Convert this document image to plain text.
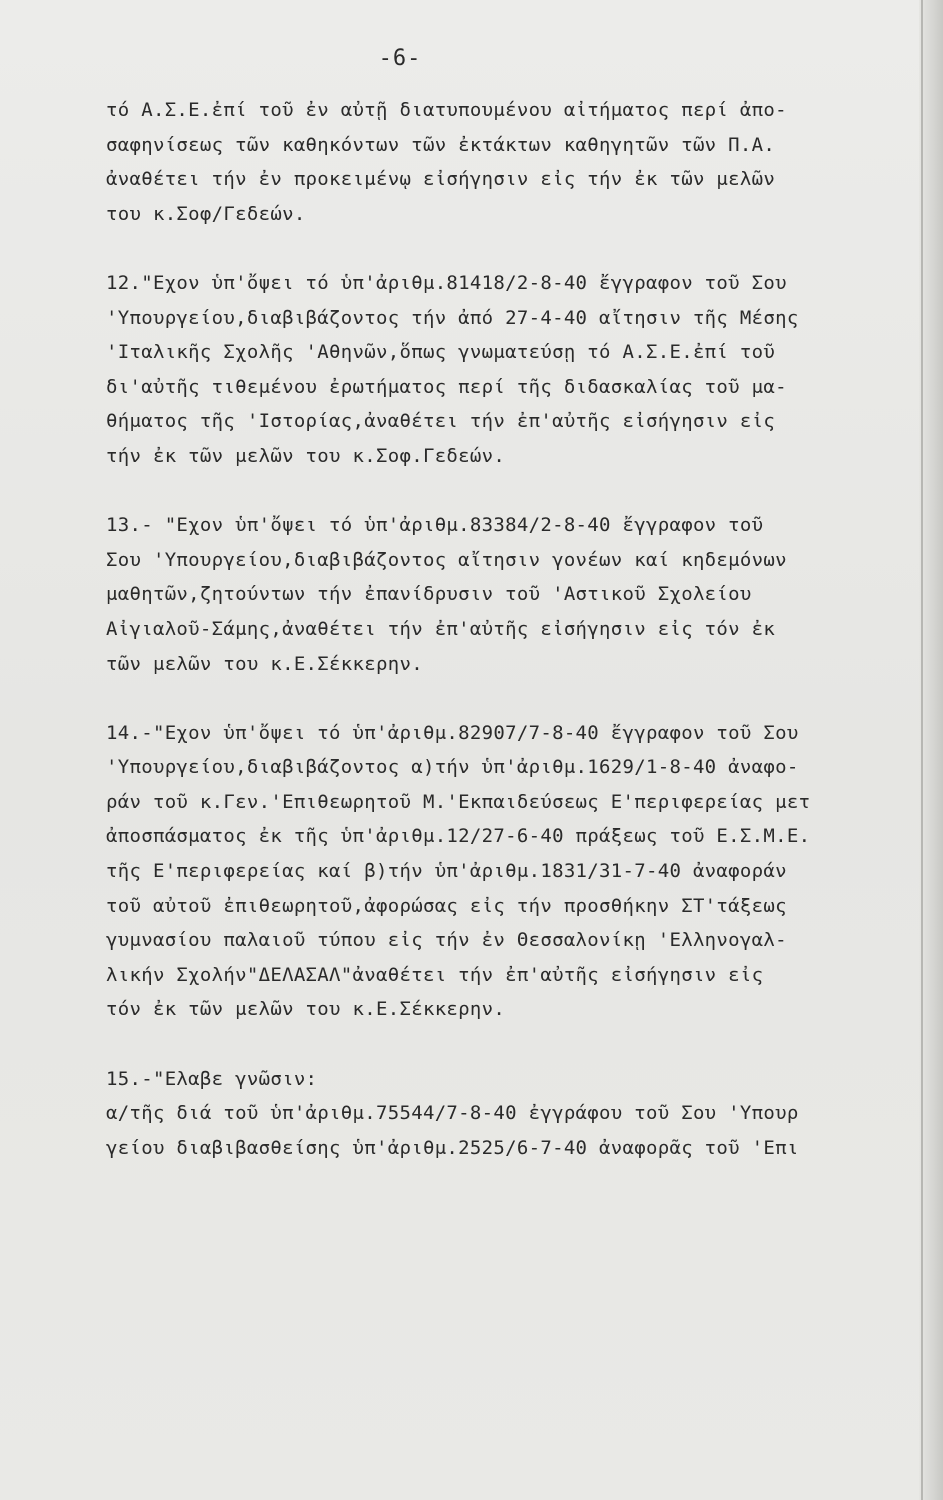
-6-
τό Α.Σ.Ε.ἐπί τοῦ ἐν αὐτῇ διατυπουμένου αἰτήματος περί ἀπο-
σαφηνίσεως τῶν καθηκόντων τῶν ἐκτάκτων καθηγητῶν τῶν Π.Α.
ἀναθέτει τήν ἐν προκειμένῳ εἰσήγησιν εἰς τήν ἐκ τῶν μελῶν
του κ.Σοφ/Γεδεών.
12."Εχον ὑπ'ὄψει τό ὑπ'ἀριθμ.81418/2-8-40 ἔγγραφον τοῦ Σου
'Υπουργείου,διαβιβάζοντος τήν ἀπό 27-4-40 αἴτησιν τῆς Μέσης
'Ιταλικῆς Σχολῆς 'Αθηνῶν,ὅπως γνωματεύσῃ τό Α.Σ.Ε.ἐπί τοῦ
δι'αὐτῆς τιθεμένου ἐρωτήματος περί τῆς διδασκαλίας τοῦ μα-
θήματος τῆς 'Ιστορίας,ἀναθέτει τήν ἐπ'αὐτῆς εἰσήγησιν εἰς
τήν ἐκ τῶν μελῶν του κ.Σοφ.Γεδεών.
13.- "Εχον ὑπ'ὄψει τό ὑπ'ἀριθμ.83384/2-8-40 ἔγγραφον τοῦ
Σου 'Υπουργείου,διαβιβάζοντος αἴτησιν γονέων καί κηδεμόνων
μαθητῶν,ζητούντων τήν ἐπανίδρυσιν τοῦ 'Αστικοῦ Σχολείου
Αἰγιαλοῦ-Σάμης,ἀναθέτει τήν ἐπ'αὐτῆς εἰσήγησιν εἰς τόν ἐκ
τῶν μελῶν του κ.Ε.Σέκκερην.
14.-"Εχον ὑπ'ὄψει τό ὑπ'ἀριθμ.82907/7-8-40 ἔγγραφον τοῦ Σου
'Υπουργείου,διαβιβάζοντος α)τήν ὑπ'ἀριθμ.1629/1-8-40 ἀναφο-
ράν τοῦ κ.Γεν.'Επιθεωρητοῦ Μ.'Εκπαιδεύσεως Ε'περιφερείας μετ
ἀποσπάσματος ἐκ τῆς ὑπ'ἀριθμ.12/27-6-40 πράξεως τοῦ Ε.Σ.Μ.Ε.
τῆς Ε'περιφερείας καί β)τήν ὑπ'ἀριθμ.1831/31-7-40 ἀναφοράν
τοῦ αὐτοῦ ἐπιθεωρητοῦ,ἀφορώσας εἰς τήν προσθήκην ΣΤ'τάξεως
γυμνασίου παλαιοῦ τύπου εἰς τήν ἐν Θεσσαλονίκῃ 'Ελληνογαλ-
λικήν Σχολήν"ΔΕΛΑΣΑΛ"ἀναθέτει τήν ἐπ'αὐτῆς εἰσήγησιν εἰς
τόν ἐκ τῶν μελῶν του κ.Ε.Σέκκερην.
15.-"Ελαβε γνῶσιν:
α/τῆς διά τοῦ ὑπ'ἀριθμ.75544/7-8-40 ἐγγράφου τοῦ Σου 'Υπουρ
γείου διαβιβασθείσης ὑπ'ἀριθμ.2525/6-7-40 ἀναφορᾶς τοῦ 'Επι
